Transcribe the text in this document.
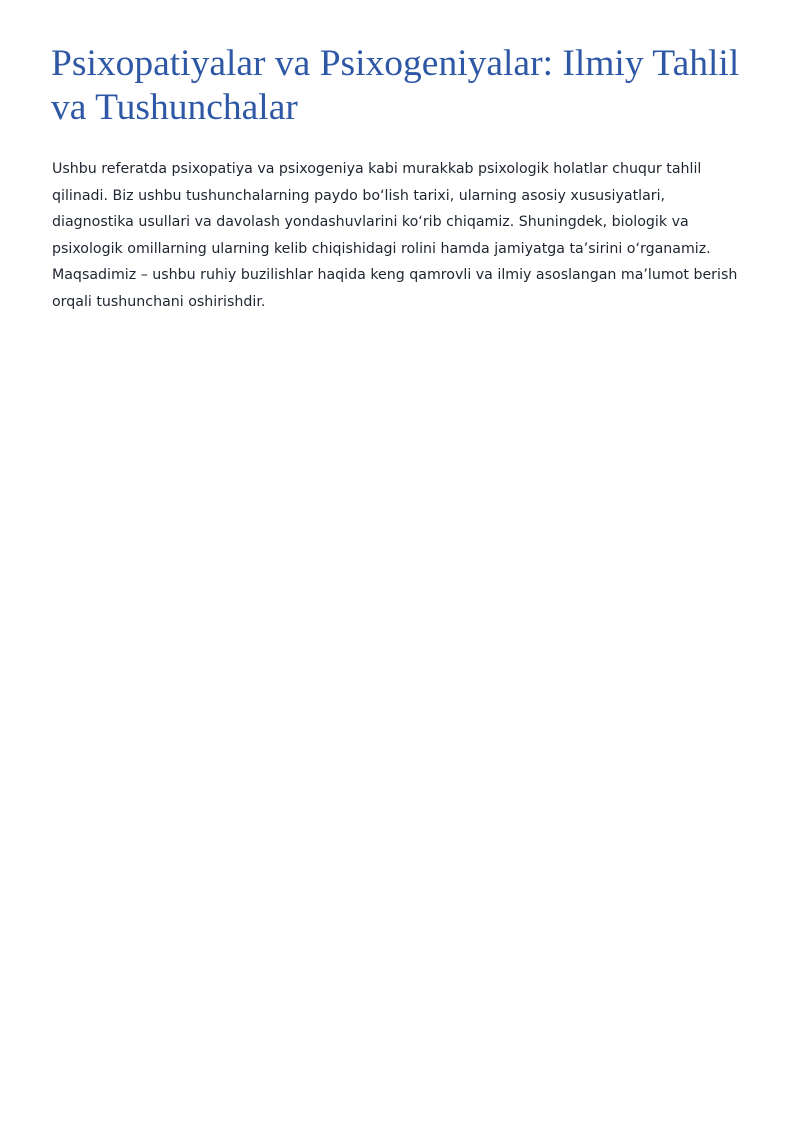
Psixopatiyalar va Psixogeniyalar: Ilmiy Tahlil va Tushunchalar

Ushbu referatda psixopatiya va psixogeniya kabi murakkab psixologik holatlar chuqur tahlil qilinadi. Biz ushbu tushunchalarning paydo bo‘lish tarixi, ularning asosiy xususiyatlari, diagnostika usullari va davolash yondashuvlarini ko‘rib chiqamiz. Shuningdek, biologik va psixologik omillarning ularning kelib chiqishidagi rolini hamda jamiyatga ta’sirini o‘rganamiz. Maqsadimiz – ushbu ruhiy buzilishlar haqida keng qamrovli va ilmiy asoslangan ma’lumot berish orqali tushunchani oshirishdir.
